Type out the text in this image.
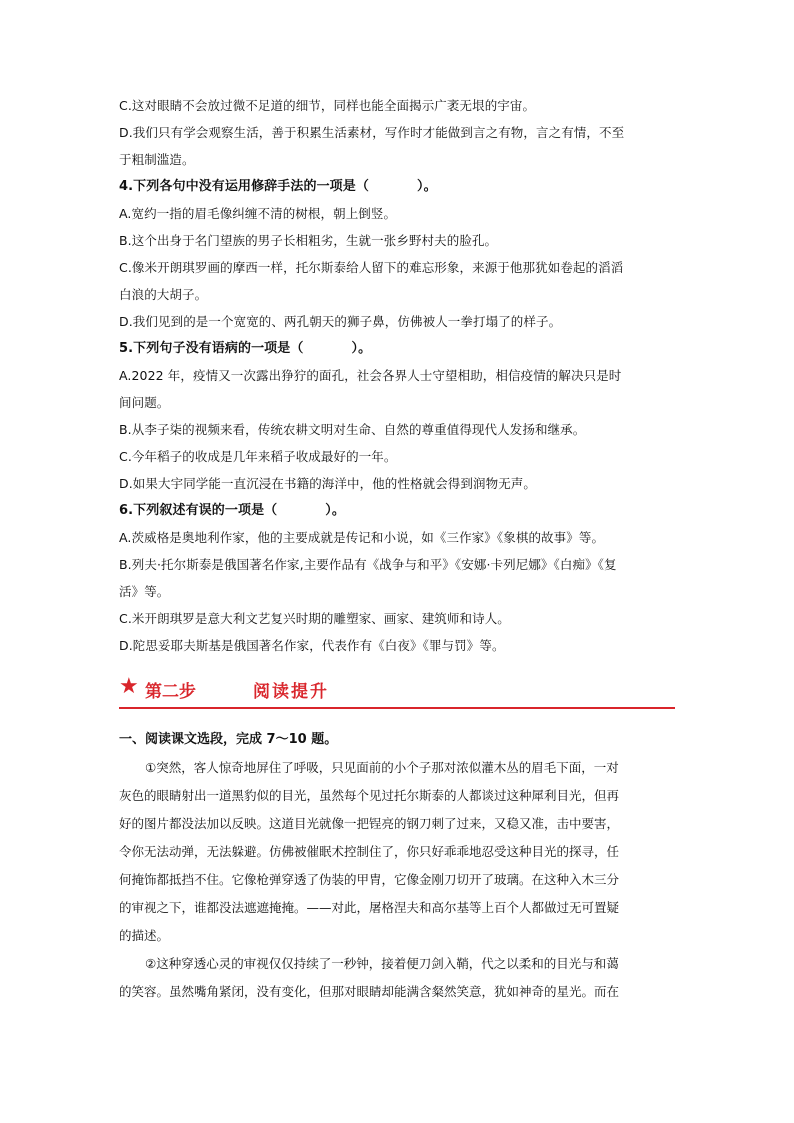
C.这对眼睛不会放过微不足道的细节，同样也能全面揭示广袤无垠的宇宙。
D.我们只有学会观察生活，善于积累生活素材，写作时才能做到言之有物，言之有情，不至
于粗制滥造。
4.下列各句中没有运用修辞手法的一项是（	）。
A.宽约一指的眉毛像纠缠不清的树根，朝上倒竖。
B.这个出身于名门望族的男子长相粗劣，生就一张乡野村夫的脸孔。
C.像米开朗琪罗画的摩西一样，托尔斯泰给人留下的难忘形象，来源于他那犹如卷起的滔滔
白浪的大胡子。
D.我们见到的是一个宽宽的、两孔朝天的狮子鼻，仿佛被人一拳打塌了的样子。
5.下列句子没有语病的一项是（	）。
A.2022 年，疫情又一次露出狰狞的面孔，社会各界人士守望相助，相信疫情的解决只是时
间问题。
B.从李子柒的视频来看，传统农耕文明对生命、自然的尊重值得现代人发扬和继承。
C.今年稻子的收成是几年来稻子收成最好的一年。
D.如果大宇同学能一直沉浸在书籍的海洋中，他的性格就会得到润物无声。
6.下列叙述有误的一项是（	）。
A.茨威格是奥地利作家，他的主要成就是传记和小说，如《三作家》《象棋的故事》等。
B.列夫·托尔斯泰是俄国著名作家,主要作品有《战争与和平》《安娜·卡列尼娜》《白痴》《复
活》等。
C.米开朗琪罗是意大利文艺复兴时期的雕塑家、画家、建筑师和诗人。
D.陀思妥耶夫斯基是俄国著名作家，代表作有《白夜》《罪与罚》等。
★ 第二步	阅读提升
一、阅读课文选段，完成 7～10 题。
①突然，客人惊奇地屏住了呼吸，只见面前的小个子那对浓似灌木丛的眉毛下面，一对
灰色的眼睛射出一道黑豹似的目光，虽然每个见过托尔斯泰的人都谈过这种犀利目光，但再
好的图片都没法加以反映。这道目光就像一把锃亮的钢刀刺了过来，又稳又准，击中要害，
令你无法动弹，无法躲避。仿佛被催眠术控制住了，你只好乖乖地忍受这种目光的探寻，任
何掩饰都抵挡不住。它像枪弹穿透了伪装的甲胄，它像金刚刀切开了玻璃。在这种入木三分
的审视之下，谁都没法遮遮掩掩。——对此，屠格涅夫和高尔基等上百个人都做过无可置疑
的描述。
②这种穿透心灵的审视仅仅持续了一秒钟，接着便刀剑入鞘，代之以柔和的目光与和蔼
的笑容。虽然嘴角紧闭，没有变化，但那对眼睛却能满含粲然笑意，犹如神奇的星光。而在
